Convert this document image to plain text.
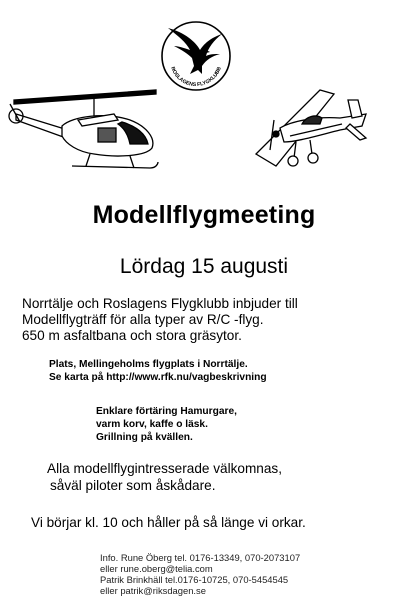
ROSLAGENS FLYGKLUBB
Modellflygmeeting
Lördag 15 augusti
Norrtälje och Roslagens Flygklubb inbjuder till
Modellflygträff för alla typer av R/C -flyg.
650 m asfaltbana och stora gräsytor.
Plats, Mellingeholms flygplats i Norrtälje.
Se karta på http://www.rfk.nu/vagbeskrivning
Enklare förtäring Hamurgare,
varm korv, kaffe o läsk.
Grillning på kvällen.
Alla modellflygintresserade välkomnas,
såväl piloter som åskådare.
Vi börjar kl. 10 och håller på så länge vi orkar.
Info. Rune Öberg tel. 0176-13349, 070-2073107
eller rune.oberg@telia.com
Patrik Brinkhäll tel.0176-10725, 070-5454545
eller patrik@riksdagen.se
